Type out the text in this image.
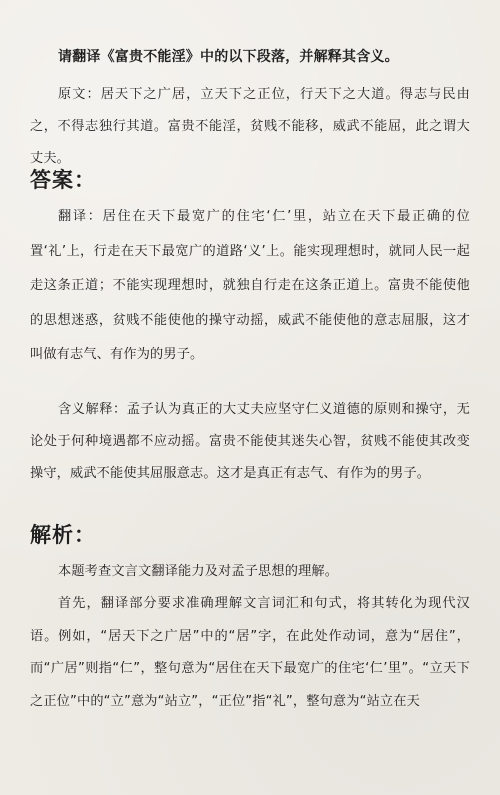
请翻译《富贵不能淫》中的以下段落，并解释其含义。

原文：居天下之广居，立天下之正位，行天下之大道。得志与民由之，不得志独行其道。富贵不能淫，贫贱不能移，威武不能屈，此之谓大丈夫。

答案：

翻译：居住在天下最宽广的住宅‘仁’里，站立在天下最正确的位置‘礼’上，行走在天下最宽广的道路‘义’上。能实现理想时，就同人民一起走这条正道；不能实现理想时，就独自行走在这条正道上。富贵不能使他的思想迷惑，贫贱不能使他的操守动摇，威武不能使他的意志屈服，这才叫做有志气、有作为的男子。

含义解释：孟子认为真正的大丈夫应坚守仁义道德的原则和操守，无论处于何种境遇都不应动摇。富贵不能使其迷失心智，贫贱不能使其改变操守，威武不能使其屈服意志。这才是真正有志气、有作为的男子。

解析：

本题考查文言文翻译能力及对孟子思想的理解。

首先，翻译部分要求准确理解文言词汇和句式，将其转化为现代汉语。例如，“居天下之广居”中的“居”字，在此处作动词，意为“居住”，而“广居”则指“仁”，整句意为“居住在天下最宽广的住宅‘仁’里”。“立天下之正位”中的“立”意为“站立”，“正位”指“礼”，整句意为“站立在天
